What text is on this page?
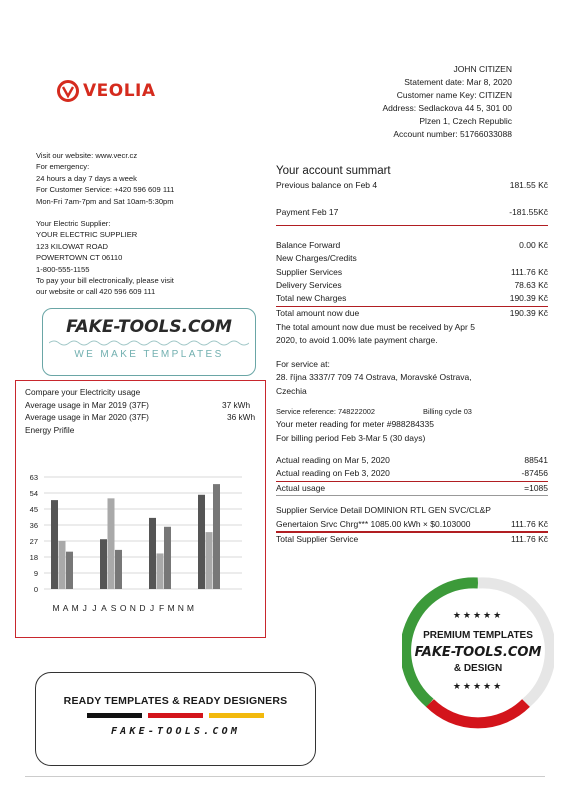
VEOLIA
JOHN CITIZEN
Statement date: Mar 8, 2020
Customer name Key: CITIZEN
Address: Sedlackova 44 5, 301 00
Plzen 1, Czech Republic
Account number: 51766033088
Visit our website: www.vecr.cz
For emergency:
24 hours a day 7 days a week
For Customer Service: +420 596 609 111
Mon-Fri 7am-7pm and Sat 10am-5:30pm
Your Electric Supplier:
YOUR ELECTRIC SUPPLIER
123 KILOWAT ROAD
POWERTOWN CT 06110
1-800-555-1155
To pay your bill electronically, please visit
our website or call 420 596 609 111
Your account summart
Previous balance on Feb 4	181.55 Kč
Payment Feb 17	-181.55Kč
Balance Forward	0.00 Kč
New Charges/Credits
Supplier Services	111.76 Kč
Delivery Services	78.63 Kč
Total new Charges	190.39 Kč
Total amount now due	190.39 Kč
The total amount now due must be received by Apr 5
2020, to avoid 1.00% late payment charge.
For service at:
28. října 3337/7 709 74 Ostrava, Moravské Ostrava,
Czechia
Service reference: 748222002	Billing cycle 03
Your meter reading for meter #988284335
For billing period Feb 3-Mar 5 (30 days)
Actual reading on Mar 5, 2020	88541
Actual reading on Feb 3, 2020	-87456
Actual usage	=1085
Supplier Service Detail DOMINION RTL GEN SVC/CL&P
Genertaion Srvc Chrg*** 1085.00 kWh × $0.103000	111.76 Kč
Total Supplier Service	111.76 Kč
FAKE-TOOLS.COM
WE MAKE TEMPLATES
Compare your Electricity usage
Average usage in Mar 2019 (37F)	37 kWh
Average usage in Mar 2020 (37F)	36 kWh
Energy Prifile
0
9
18
27
36
45
54
63
M A M J J A S O N D J F M N M
READY TEMPLATES & READY DESIGNERS
FAKE-TOOLS.COM
★★★★★
PREMIUM TEMPLATES
FAKE-TOOLS.COM
& DESIGN
★★★★★
